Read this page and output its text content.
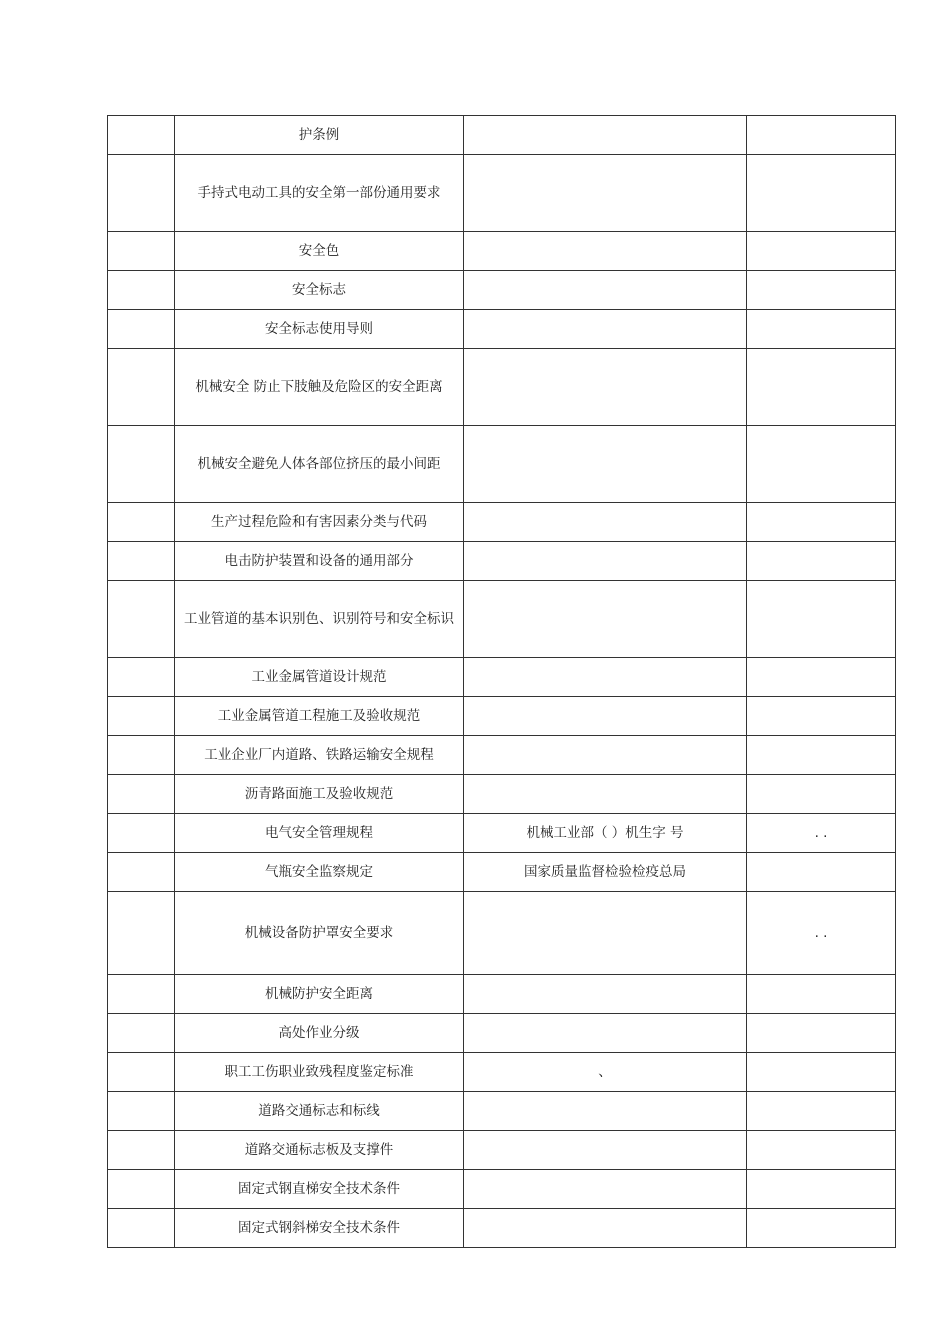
	护条例		
	手持式电动工具的安全第一部份通用要求		
	安全色		
	安全标志		
	安全标志使用导则		
	机械安全 防止下肢触及危险区的安全距离		
	机械安全避免人体各部位挤压的最小间距		
	生产过程危险和有害因素分类与代码		
	电击防护装置和设备的通用部分		
	工业管道的基本识别色、识别符号和安全标识		
	工业金属管道设计规范		
	工业金属管道工程施工及验收规范		
	工业企业厂内道路、铁路运输安全规程		
	沥青路面施工及验收规范		
	电气安全管理规程	机械工业部（ ）机生字 号	. .
	气瓶安全监察规定	国家质量监督检验检疫总局	
	机械设备防护罩安全要求		. .
	机械防护安全距离		
	高处作业分级		
	职工工伤职业致残程度鉴定标准	、	
	道路交通标志和标线		
	道路交通标志板及支撑件		
	固定式钢直梯安全技术条件		
	固定式钢斜梯安全技术条件		
